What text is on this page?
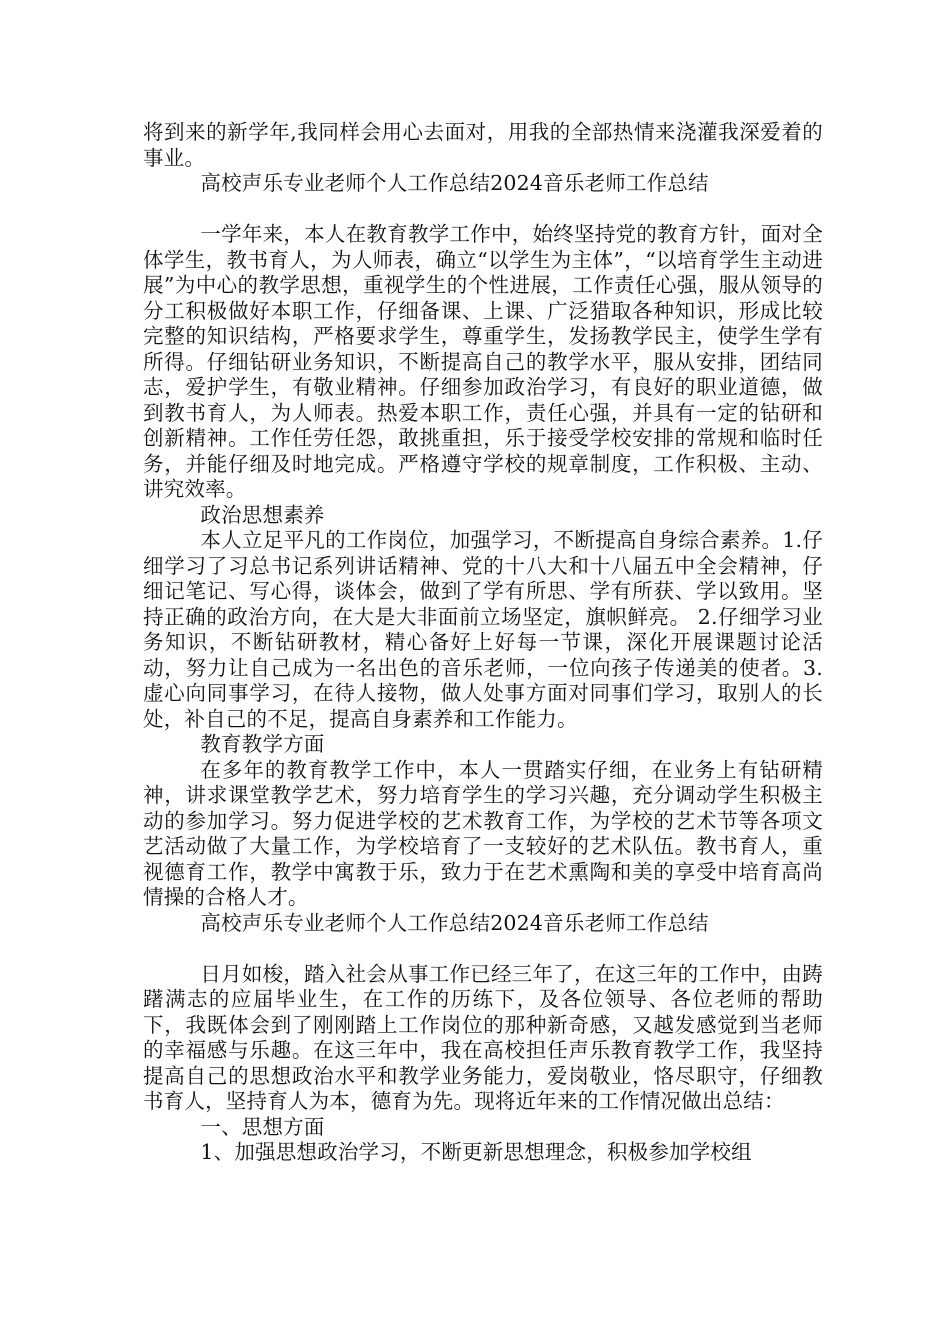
将到来的新学年,我同样会用心去面对，用我的全部热情来浇灌我深爱着的事业。

高校声乐专业老师个人工作总结2024音乐老师工作总结

一学年来，本人在教育教学工作中，始终坚持党的教育方针，面对全体学生，教书育人，为人师表，确立“以学生为主体”，“以培育学生主动进展”为中心的教学思想，重视学生的个性进展，工作责任心强，服从领导的分工积极做好本职工作，仔细备课、上课、广泛猎取各种知识，形成比较完整的知识结构，严格要求学生，尊重学生，发扬教学民主，使学生学有所得。仔细钻研业务知识，不断提高自己的教学水平，服从安排，团结同志，爱护学生，有敬业精神。仔细参加政治学习，有良好的职业道德，做到教书育人，为人师表。热爱本职工作，责任心强，并具有一定的钻研和创新精神。工作任劳任怨，敢挑重担，乐于接受学校安排的常规和临时任务，并能仔细及时地完成。严格遵守学校的规章制度，工作积极、主动、讲究效率。

政治思想素养

本人立足平凡的工作岗位，加强学习，不断提高自身综合素养。1.仔细学习了习总书记系列讲话精神、党的十八大和十八届五中全会精神，仔细记笔记、写心得，谈体会，做到了学有所思、学有所获、学以致用。坚持正确的政治方向，在大是大非面前立场坚定，旗帜鲜亮。 2.仔细学习业务知识，不断钻研教材，精心备好上好每一节课，深化开展课题讨论活动，努力让自己成为一名出色的音乐老师，一位向孩子传递美的使者。3.虚心向同事学习，在待人接物，做人处事方面对同事们学习，取别人的长处，补自己的不足，提高自身素养和工作能力。

教育教学方面

在多年的教育教学工作中，本人一贯踏实仔细，在业务上有钻研精神，讲求课堂教学艺术，努力培育学生的学习兴趣，充分调动学生积极主动的参加学习。努力促进学校的艺术教育工作，为学校的艺术节等各项文艺活动做了大量工作，为学校培育了一支较好的艺术队伍。教书育人，重视德育工作，教学中寓教于乐，致力于在艺术熏陶和美的享受中培育高尚情操的合格人才。

高校声乐专业老师个人工作总结2024音乐老师工作总结

日月如梭，踏入社会从事工作已经三年了，在这三年的工作中，由踌躇满志的应届毕业生，在工作的历练下，及各位领导、各位老师的帮助下，我既体会到了刚刚踏上工作岗位的那种新奇感，又越发感觉到当老师的幸福感与乐趣。在这三年中，我在高校担任声乐教育教学工作，我坚持提高自己的思想政治水平和教学业务能力，爱岗敬业，恪尽职守，仔细教书育人，坚持育人为本，德育为先。现将近年来的工作情况做出总结：

一、思想方面

1、加强思想政治学习，不断更新思想理念，积极参加学校组
